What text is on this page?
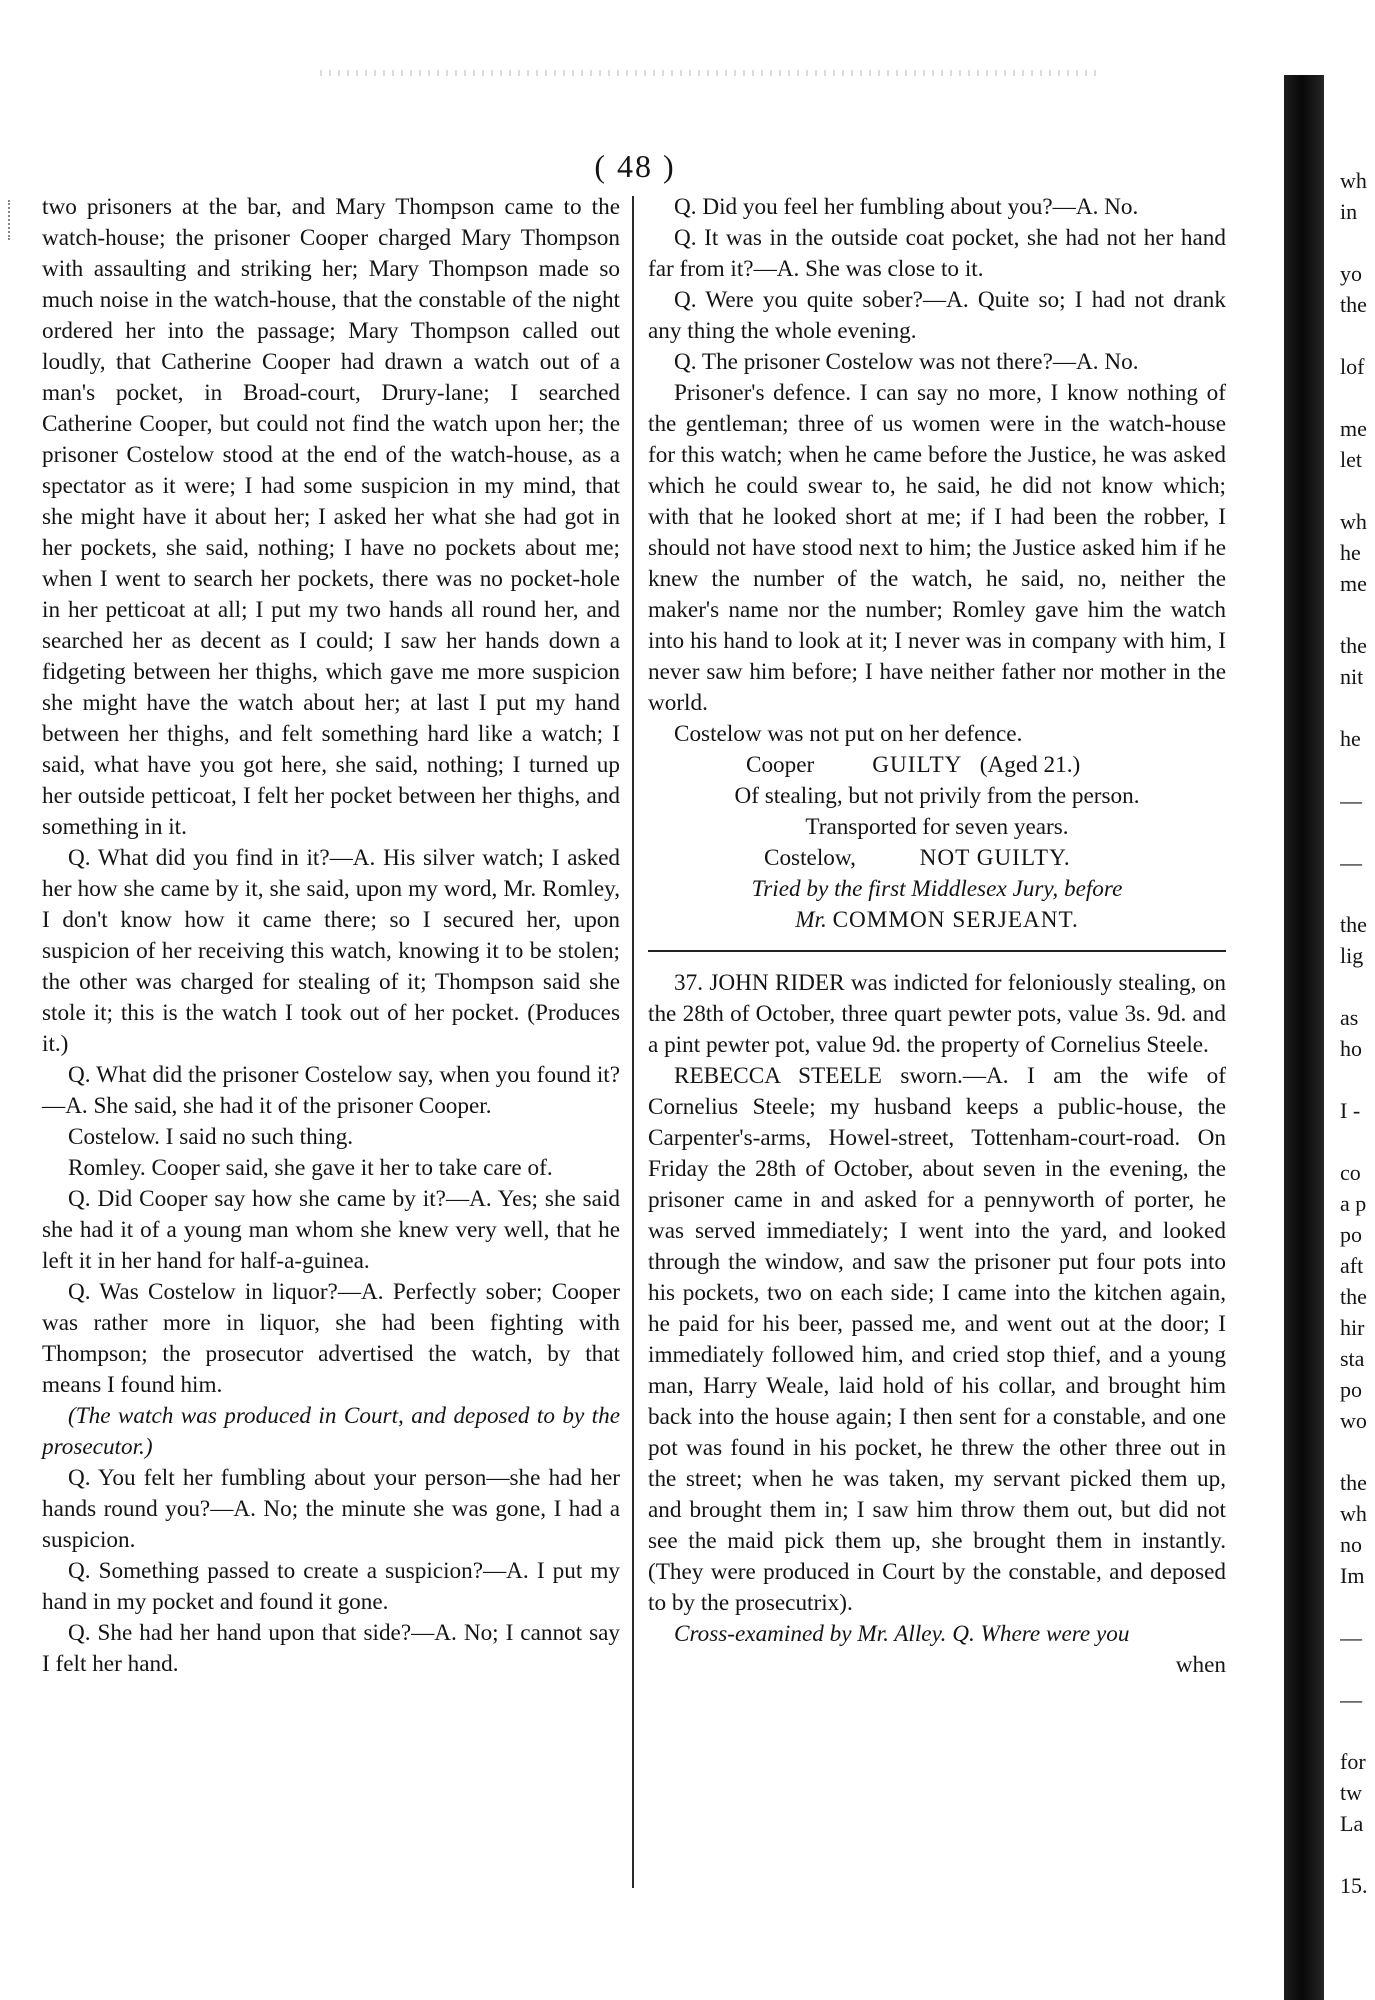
( 48 )

two prisoners at the bar, and Mary Thompson came to the watch-house; the prisoner Cooper charged Mary Thompson with assaulting and striking her; Mary Thompson made so much noise in the watch-house, that the constable of the night ordered her into the passage; Mary Thompson called out loudly, that Catherine Cooper had drawn a watch out of a man's pocket, in Broad-court, Drury-lane; I searched Catherine Cooper, but could not find the watch upon her; the prisoner Costelow stood at the end of the watch-house, as a spectator as it were; I had some suspicion in my mind, that she might have it about her; I asked her what she had got in her pockets, she said, nothing; I have no pockets about me; when I went to search her pockets, there was no pocket-hole in her petticoat at all; I put my two hands all round her, and searched her as decent as I could; I saw her hands down a fidgeting between her thighs, which gave me more suspicion she might have the watch about her; at last I put my hand between her thighs, and felt something hard like a watch; I said, what have you got here, she said, nothing; I turned up her outside petticoat, I felt her pocket between her thighs, and something in it.

Q. What did you find in it?—A. His silver watch; I asked her how she came by it, she said, upon my word, Mr. Romley, I don't know how it came there; so I secured her, upon suspicion of her receiving this watch, knowing it to be stolen; the other was charged for stealing of it; Thompson said she stole it; this is the watch I took out of her pocket. (Produces it.)

Q. What did the prisoner Costelow say, when you found it?—A. She said, she had it of the prisoner Cooper.

Costelow. I said no such thing.

Romley. Cooper said, she gave it her to take care of.

Q. Did Cooper say how she came by it?—A. Yes; she said she had it of a young man whom she knew very well, that he left it in her hand for half-a-guinea.

Q. Was Costelow in liquor?—A. Perfectly sober; Cooper was rather more in liquor, she had been fighting with Thompson; the prosecutor advertised the watch, by that means I found him.

(The watch was produced in Court, and deposed to by the prosecutor.)

Q. You felt her fumbling about your person—she had her hands round you?—A. No; the minute she was gone, I had a suspicion.

Q. Something passed to create a suspicion?—A. I put my hand in my pocket and found it gone.

Q. She had her hand upon that side?—A. No; I cannot say I felt her hand.

Q. Did you feel her fumbling about you?—A. No.

Q. It was in the outside coat pocket, she had not her hand far from it?—A. She was close to it.

Q. Were you quite sober?—A. Quite so; I had not drank any thing the whole evening.

Q. The prisoner Costelow was not there?—A. No.

Prisoner's defence. I can say no more, I know nothing of the gentleman; three of us women were in the watch-house for this watch; when he came before the Justice, he was asked which he could swear to, he said, he did not know which; with that he looked short at me; if I had been the robber, I should not have stood next to him; the Justice asked him if he knew the number of the watch, he said, no, neither the maker's name nor the number; Romley gave him the watch into his hand to look at it; I never was in company with him, I never saw him before; I have neither father nor mother in the world.

Costelow was not put on her defence.

Cooper GUILTY (Aged 21.)

Of stealing, but not privily from the person.

Transported for seven years.

Costelow,	NOT GUILTY.

Tried by the first Middlesex Jury, before

Mr. COMMON SERJEANT.

37. JOHN RIDER was indicted for feloniously stealing, on the 28th of October, three quart pewter pots, value 3s. 9d. and a pint pewter pot, value 9d. the property of Cornelius Steele.

REBECCA STEELE sworn.—A. I am the wife of Cornelius Steele; my husband keeps a public-house, the Carpenter's-arms, Howel-street, Tottenham-court-road. On Friday the 28th of October, about seven in the evening, the prisoner came in and asked for a pennyworth of porter, he was served immediately; I went into the yard, and looked through the window, and saw the prisoner put four pots into his pockets, two on each side; I came into the kitchen again, he paid for his beer, passed me, and went out at the door; I immediately followed him, and cried stop thief, and a young man, Harry Weale, laid hold of his collar, and brought him back into the house again; I then sent for a constable, and one pot was found in his pocket, he threw the other three out in the street; when he was taken, my servant picked them up, and brought them in; I saw him throw them out, but did not see the maid pick them up, she brought them in instantly. (They were produced in Court by the constable, and deposed to by the prosecutrix).

Cross-examined by Mr. Alley. Q. Where were you

when

wh
in
yo
the
lof
me
let
wh
he
me
the
nit
he
—
—
the
lig
as
ho
I -
co
a p
po
aft
the
hir
sta
po
wo
the
wh
no
Im
—
—
for
tw
La
15.
